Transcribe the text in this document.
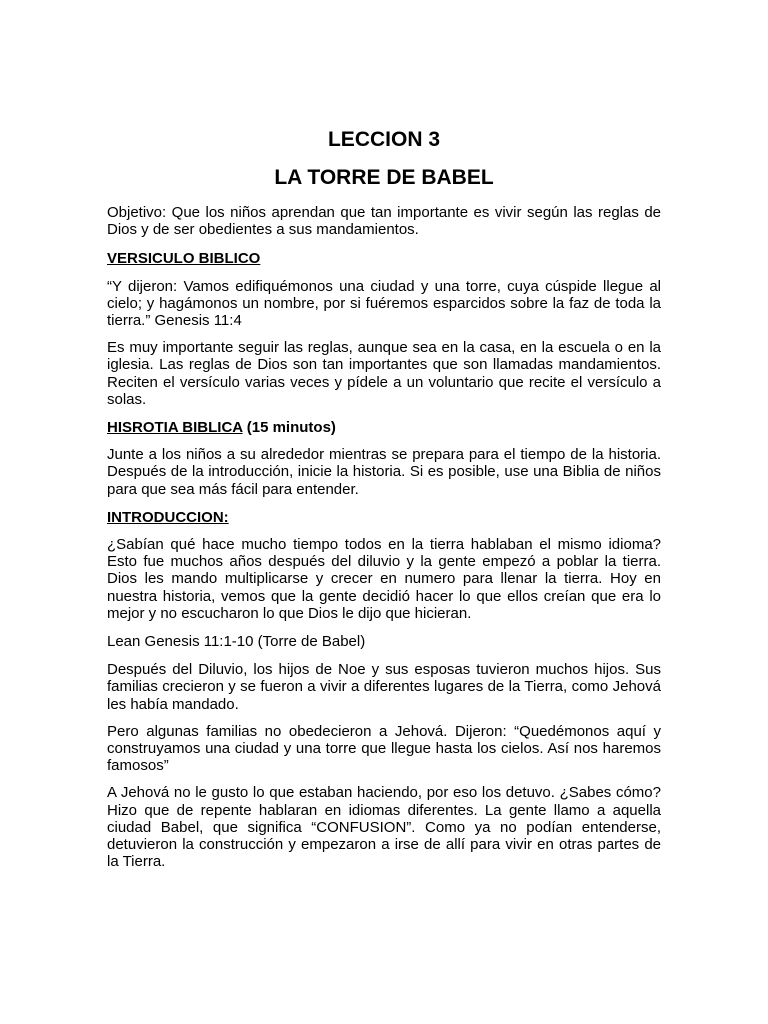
LECCION 3
LA TORRE DE BABEL

Objetivo: Que los niños aprendan que tan importante es vivir según las reglas de Dios y de ser obedientes a sus mandamientos.

VERSICULO BIBLICO

“Y dijeron: Vamos edifiquémonos una ciudad y una torre, cuya cúspide llegue al cielo; y hagámonos un nombre, por si fuéremos esparcidos sobre la faz de toda la tierra.” Genesis 11:4

Es muy importante seguir las reglas, aunque sea en la casa, en la escuela o en la iglesia. Las reglas de Dios son tan importantes que son llamadas mandamientos. Reciten el versículo varias veces y pídele a un voluntario que recite el versículo a solas.

HISROTIA BIBLICA (15 minutos)

Junte a los niños a su alrededor mientras se prepara para el tiempo de la historia. Después de la introducción, inicie la historia. Si es posible, use una Biblia de niños para que sea más fácil para entender.

INTRODUCCION:

¿Sabían qué hace mucho tiempo todos en la tierra hablaban el mismo idioma? Esto fue muchos años después del diluvio y la gente empezó a poblar la tierra. Dios les mando multiplicarse y crecer en numero para llenar la tierra. Hoy en nuestra historia, vemos que la gente decidió hacer lo que ellos creían que era lo mejor y no escucharon lo que Dios le dijo que hicieran.

Lean Genesis 11:1-10 (Torre de Babel)

Después del Diluvio, los hijos de Noe y sus esposas tuvieron muchos hijos. Sus familias crecieron y se fueron a vivir a diferentes lugares de la Tierra, como Jehová les había mandado.

Pero algunas familias no obedecieron a Jehová. Dijeron: “Quedémonos aquí y construyamos una ciudad y una torre que llegue hasta los cielos. Así nos haremos famosos”

A Jehová no le gusto lo que estaban haciendo, por eso los detuvo. ¿Sabes cómo? Hizo que de repente hablaran en idiomas diferentes. La gente llamo a aquella ciudad Babel, que significa “CONFUSION”. Como ya no podían entenderse, detuvieron la construcción y empezaron a irse de allí para vivir en otras partes de la Tierra.
